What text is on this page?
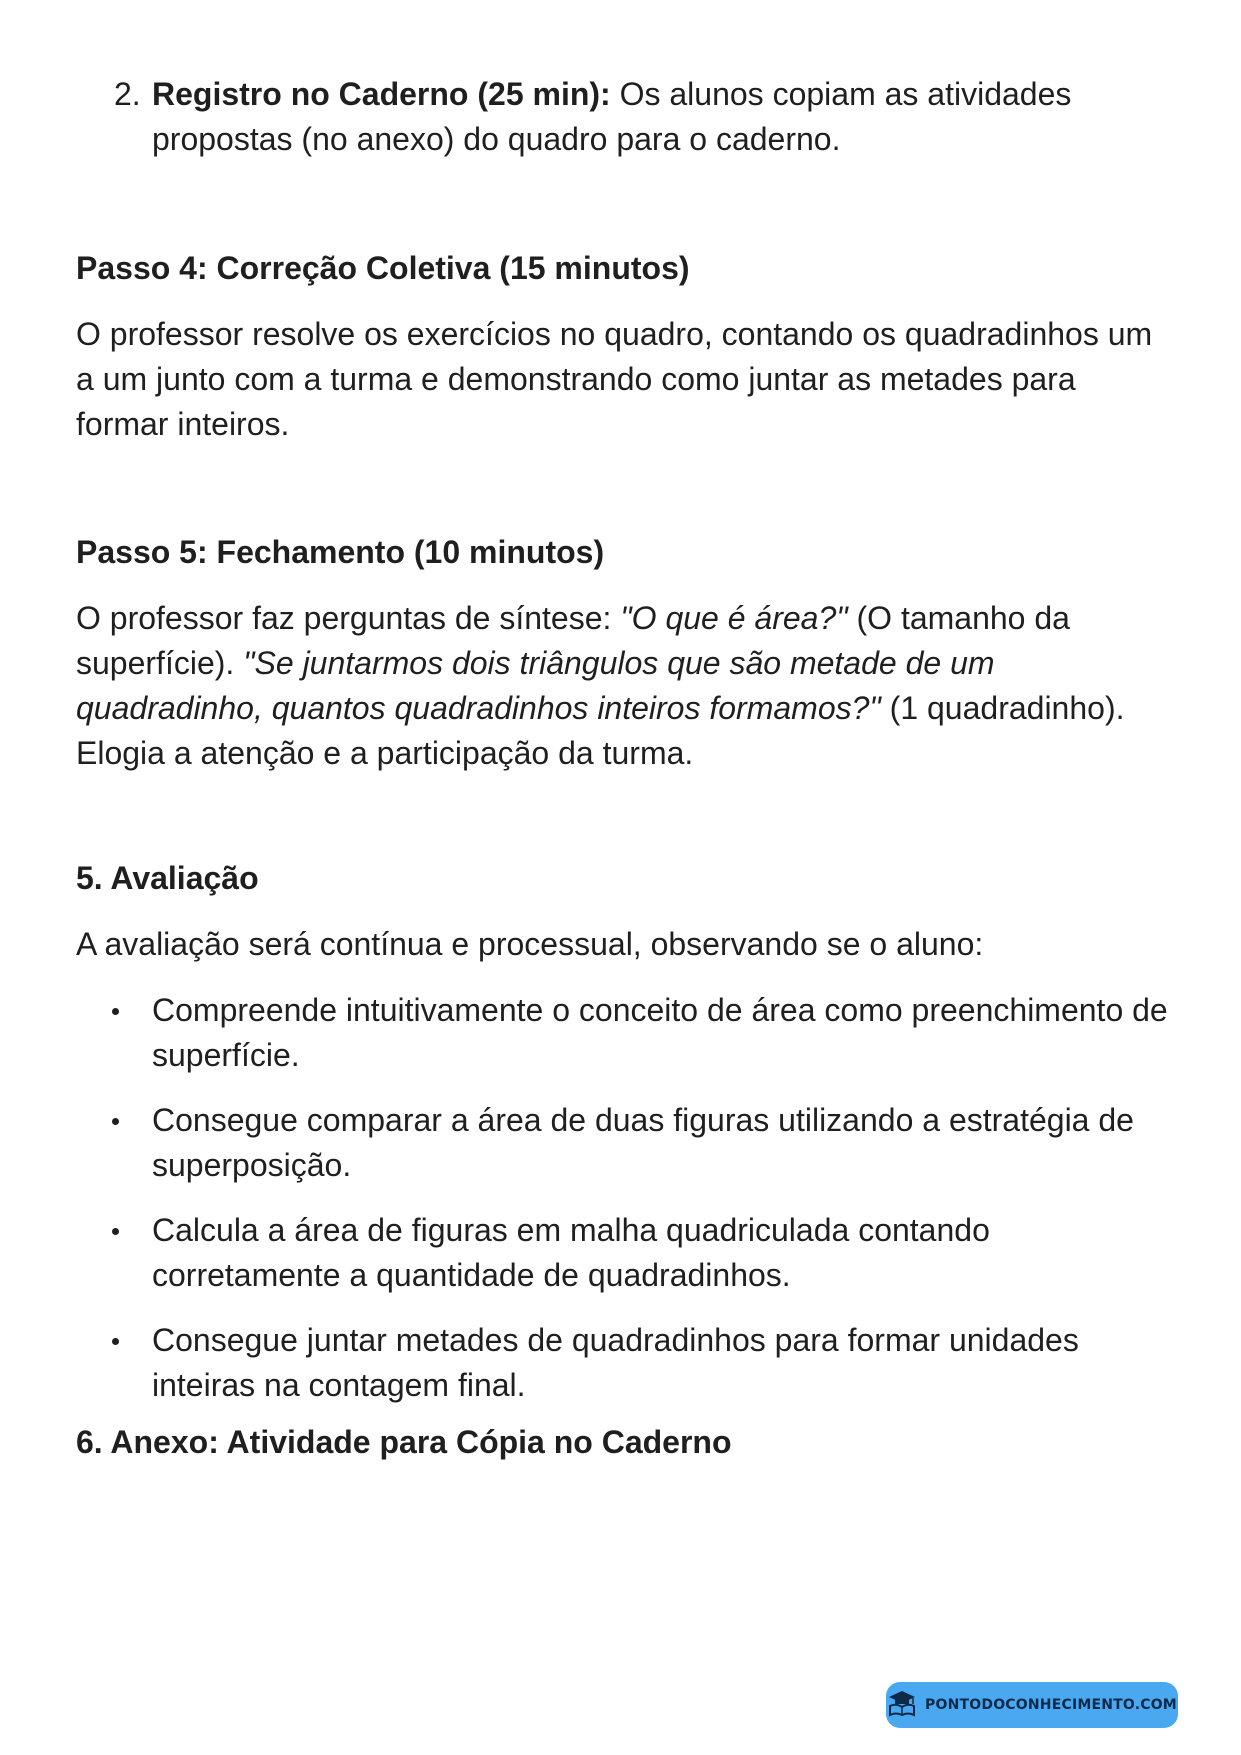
2. Registro no Caderno (25 min): Os alunos copiam as atividades propostas (no anexo) do quadro para o caderno.
Passo 4: Correção Coletiva (15 minutos)

O professor resolve os exercícios no quadro, contando os quadradinhos um a um junto com a turma e demonstrando como juntar as metades para formar inteiros.

Passo 5: Fechamento (10 minutos)

O professor faz perguntas de síntese: "O que é área?" (O tamanho da superfície). "Se juntarmos dois triângulos que são metade de um quadradinho, quantos quadradinhos inteiros formamos?" (1 quadradinho). Elogia a atenção e a participação da turma.

5. Avaliação

A avaliação será contínua e processual, observando se o aluno:

Compreende intuitivamente o conceito de área como preenchimento de superfície.
Consegue comparar a área de duas figuras utilizando a estratégia de superposição.
Calcula a área de figuras em malha quadriculada contando corretamente a quantidade de quadradinhos.
Consegue juntar metades de quadradinhos para formar unidades inteiras na contagem final.
6. Anexo: Atividade para Cópia no Caderno
PONTODOCONHECIMENTO.COM
